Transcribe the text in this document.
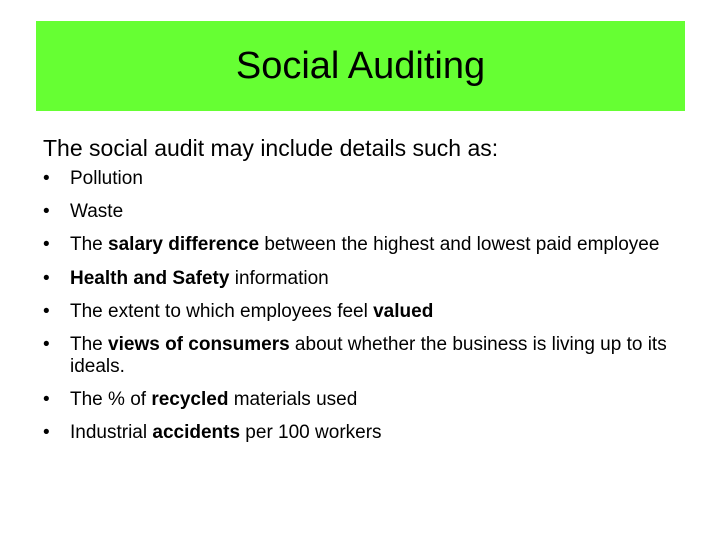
Social Auditing
The social audit may include details such as:
•	Pollution
•	Waste
•	The salary difference between the highest and lowest paid employee
•	Health and Safety information
•	The extent to which employees feel valued
•	The views of consumers about whether the business is living up to its ideals.
•	The % of recycled materials used
•	Industrial accidents per 100 workers
